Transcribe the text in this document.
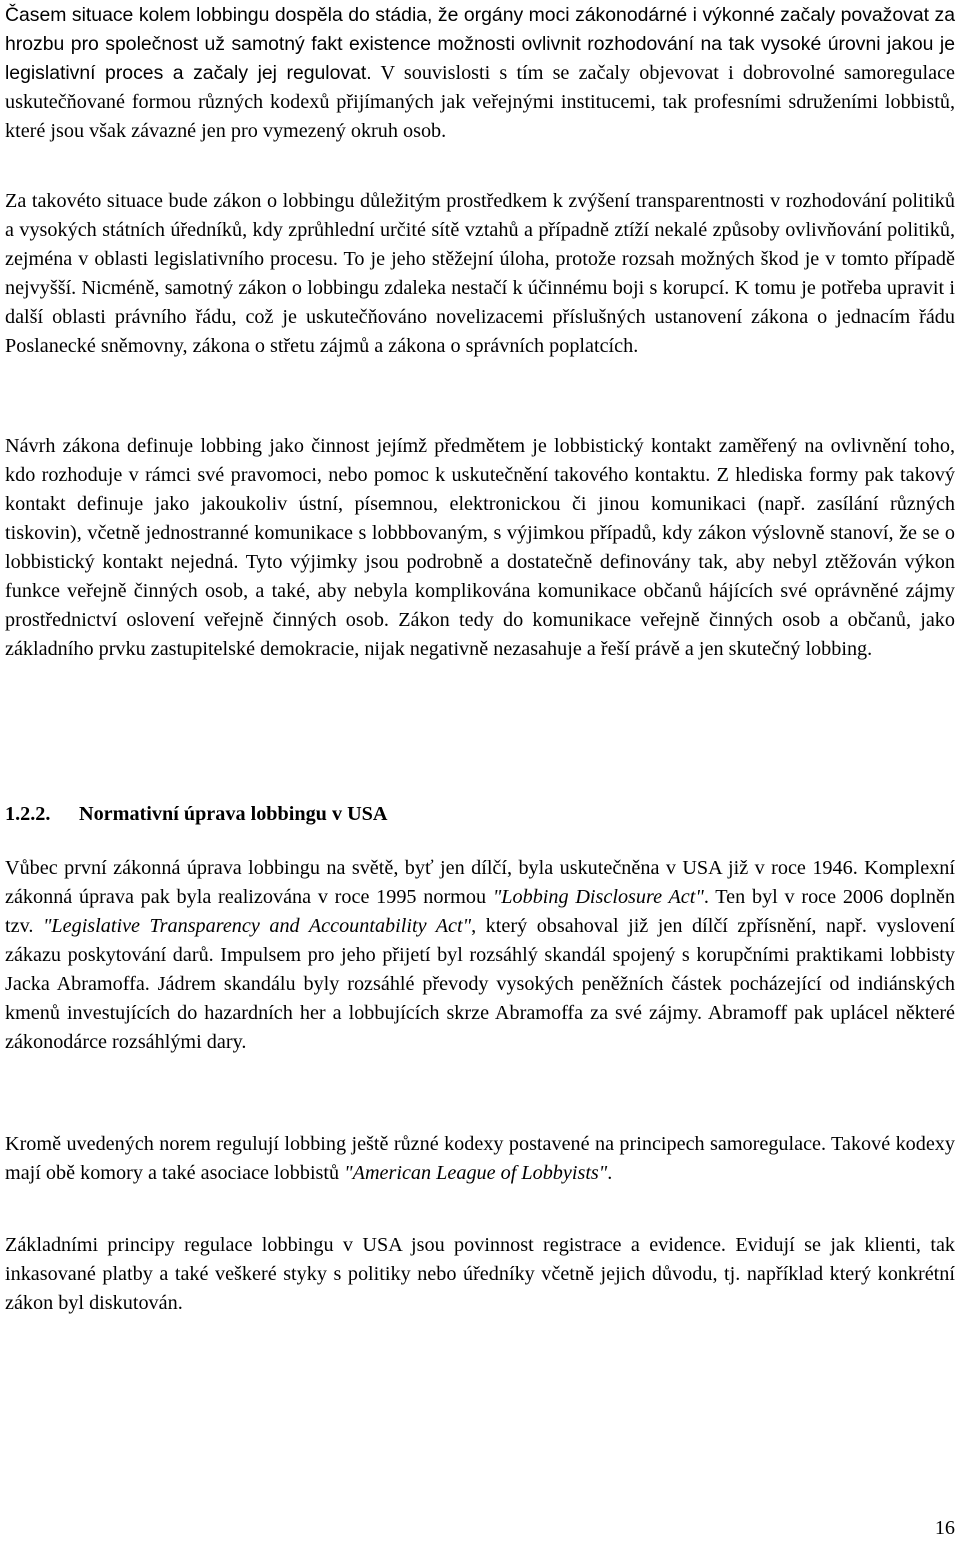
Časem situace kolem lobbingu dospěla do stádia, že orgány moci zákonodárné i výkonné začaly považovat za hrozbu pro společnost už samotný fakt existence možnosti ovlivnit rozhodování na tak vysoké úrovni jakou je legislativní proces a začaly jej regulovat. V souvislosti s tím se začaly objevovat i dobrovolné samoregulace uskutečňované formou různých kodexů přijímaných jak veřejnými institucemi, tak profesními sdruženími lobbistů, které jsou však závazné jen pro vymezený okruh osob.

Za takovéto situace bude zákon o lobbingu důležitým prostředkem k zvýšení transparentnosti v rozhodování politiků a vysokých státních úředníků, kdy zprůhlední určité sítě vztahů a případně ztíží nekalé způsoby ovlivňování politiků, zejména v oblasti legislativního procesu. To je jeho stěžejní úloha, protože rozsah možných škod je v tomto případě nejvyšší. Nicméně, samotný zákon o lobbingu zdaleka nestačí k účinnému boji s korupcí. K tomu je potřeba upravit i další oblasti právního řádu, což je uskutečňováno novelizacemi příslušných ustanovení zákona o jednacím řádu Poslanecké sněmovny, zákona o střetu zájmů a zákona o správních poplatcích.

Návrh zákona definuje lobbing jako činnost jejímž předmětem je lobbistický kontakt zaměřený na ovlivnění toho, kdo rozhoduje v rámci své pravomoci, nebo pomoc k uskutečnění takového kontaktu. Z hlediska formy pak takový kontakt definuje jako jakoukoliv ústní, písemnou, elektronickou či jinou komunikaci (např. zasílání různých tiskovin), včetně jednostranné komunikace s lobbbovaným, s výjimkou případů, kdy zákon výslovně stanoví, že se o lobbistický kontakt nejedná. Tyto výjimky jsou podrobně a dostatečně definovány tak, aby nebyl ztěžován výkon funkce veřejně činných osob, a také, aby nebyla komplikována komunikace občanů hájících své oprávněné zájmy prostřednictví oslovení veřejně činných osob. Zákon tedy do komunikace veřejně činných osob a občanů, jako základního prvku zastupitelské demokracie, nijak negativně nezasahuje a řeší právě a jen skutečný lobbing.

1.2.2. Normativní úprava lobbingu v USA

Vůbec první zákonná úprava lobbingu na světě, byť jen dílčí, byla uskutečněna v USA již v roce 1946. Komplexní zákonná úprava pak byla realizována v roce 1995 normou "Lobbing Disclosure Act". Ten byl v roce 2006 doplněn tzv. "Legislative Transparency and Accountability Act", který obsahoval již jen dílčí zpřísnění, např. vyslovení zákazu poskytování darů. Impulsem pro jeho přijetí byl rozsáhlý skandál spojený s korupčními praktikami lobbisty Jacka Abramoffa. Jádrem skandálu byly rozsáhlé převody vysokých peněžních částek pocházející od indiánských kmenů investujících do hazardních her a lobbujících skrze Abramoffa za své zájmy. Abramoff pak uplácel některé zákonodárce rozsáhlými dary.

Kromě uvedených norem regulují lobbing ještě různé kodexy postavené na principech samoregulace. Takové kodexy mají obě komory a také asociace lobbistů "American League of Lobbyists".

Základními principy regulace lobbingu v USA jsou povinnost registrace a evidence. Evidují se jak klienti, tak inkasované platby a také veškeré styky s politiky nebo úředníky včetně jejich důvodu, tj. například který konkrétní zákon byl diskutován.

16
